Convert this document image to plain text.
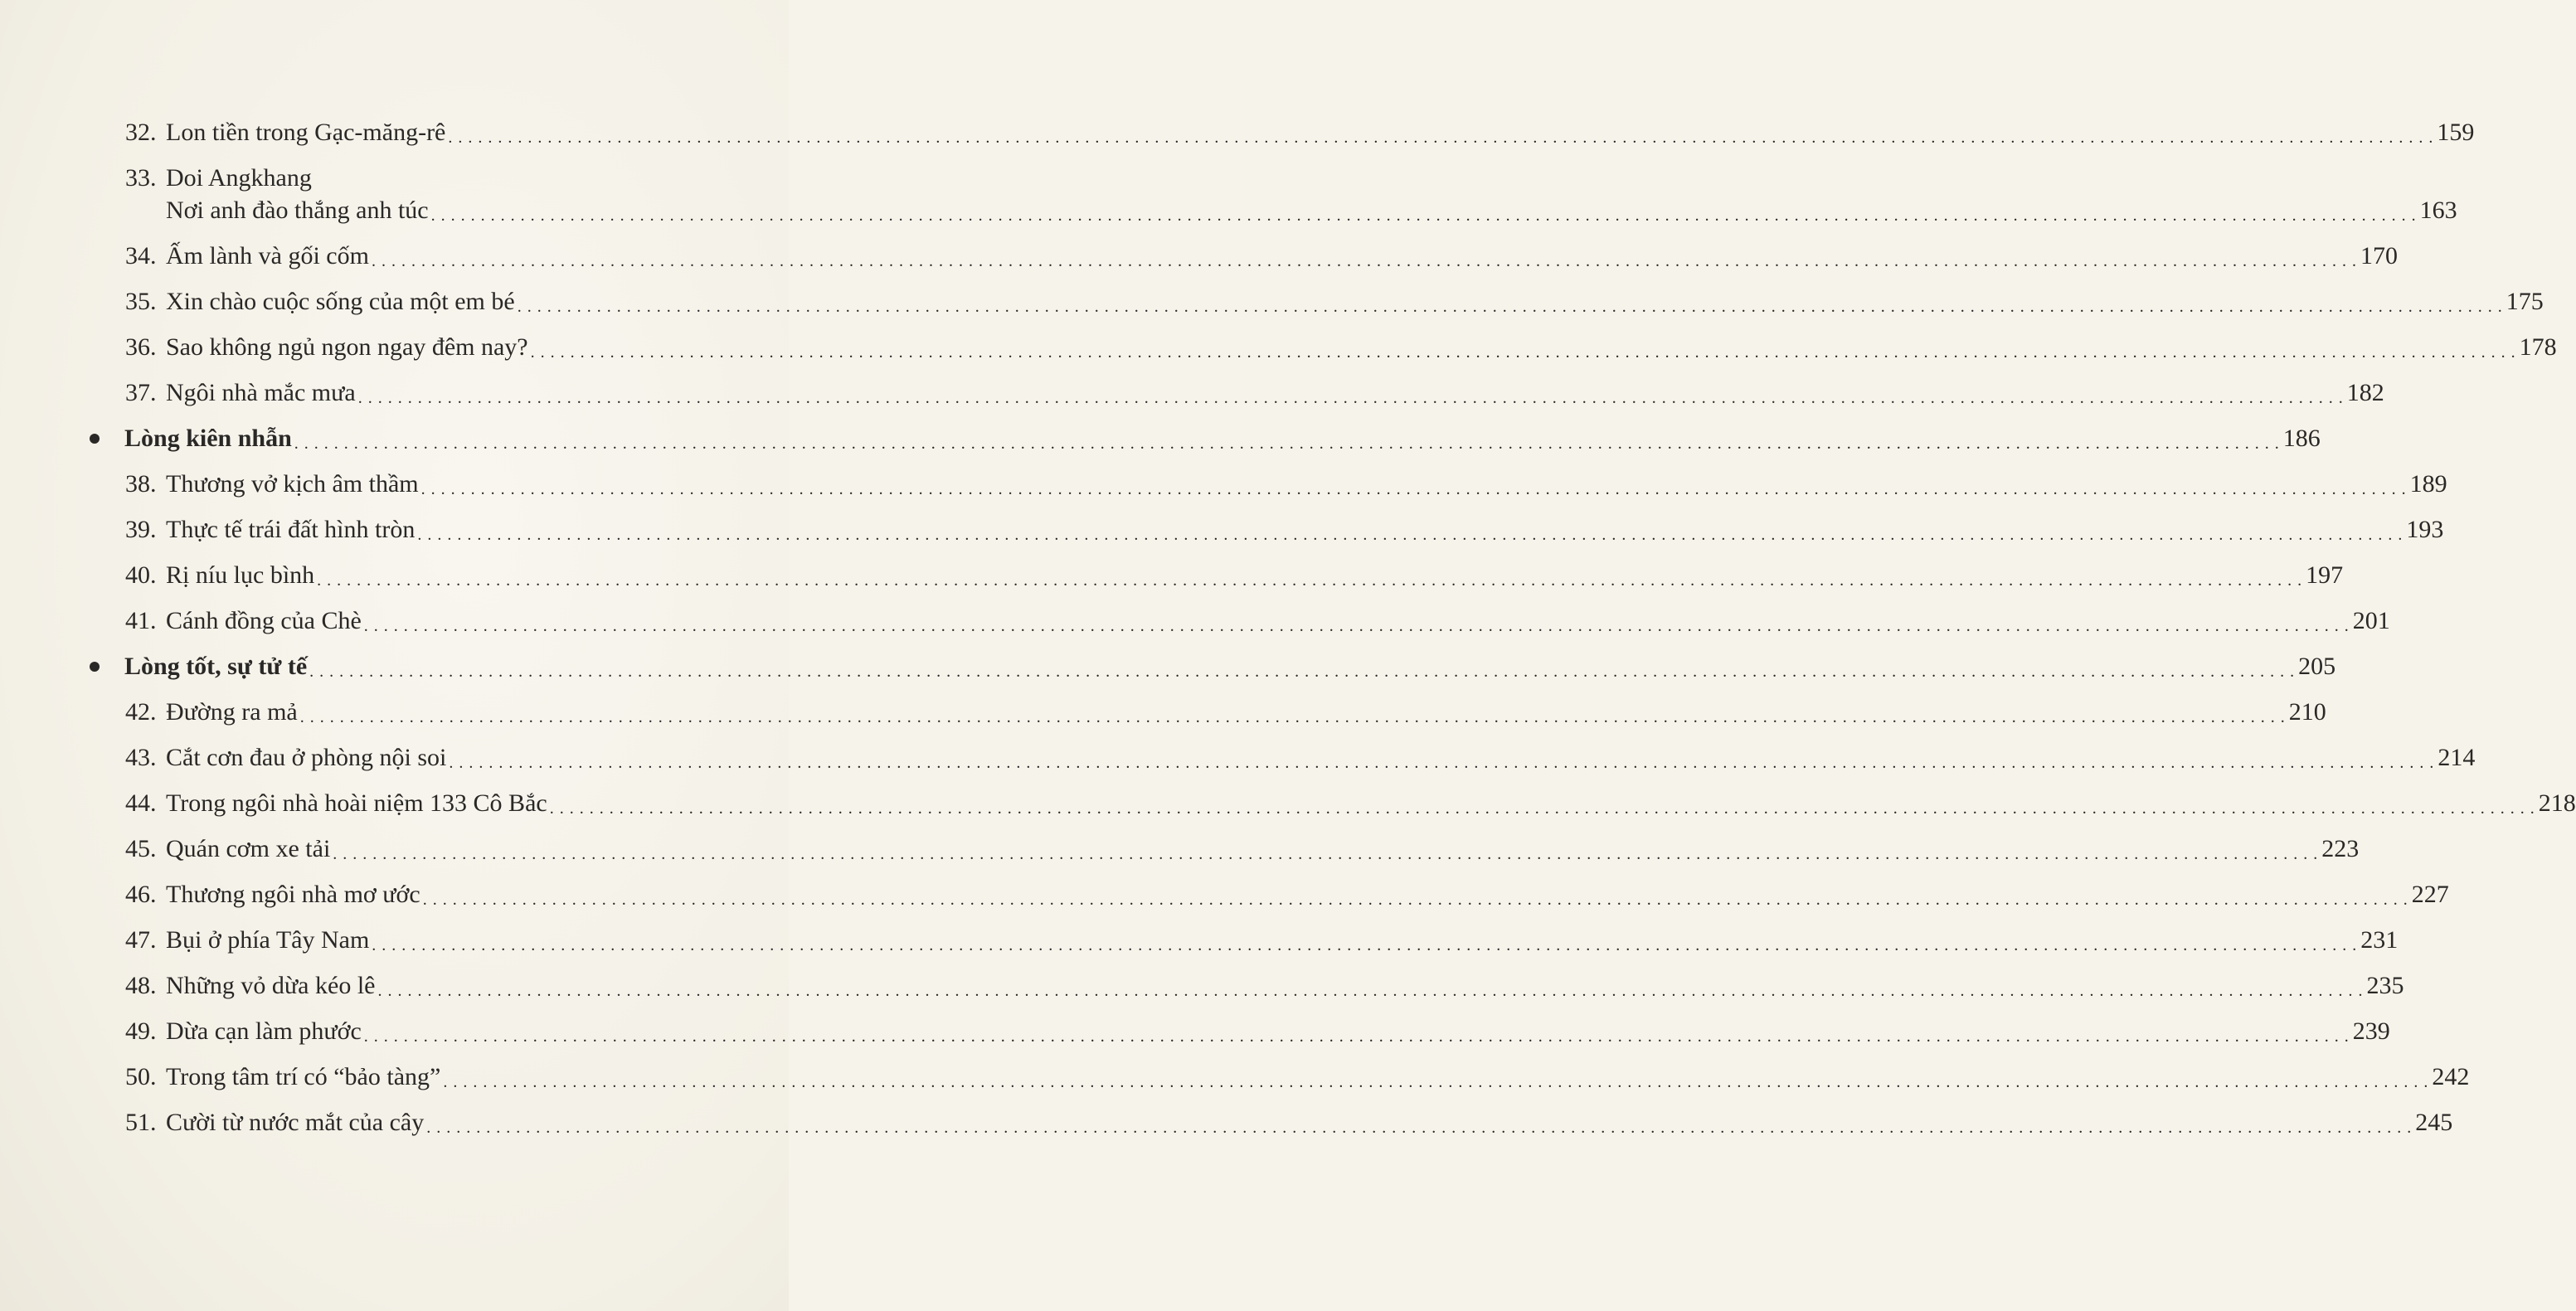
32. Lon tiền trong Gạc-măng-rê . . . . . . . . . . . . . . . . . . . . . . . . . . . . . . . . . . . . . . . . . . . . . . . . . . . . . . . . . . . . . . . . . . . . . . . . . . . . . . . . . . . . . . . . . . . . . . . . . . . . . . . . . . . . . . . . . . . . . . . . . . . . . . . . . . . . . . . . . . . . . . . . . . . . . . . . . . . . . . . . . . . . . . . . . . . . . . . . . . . . . . . . . . . . . . . . . . . . . . . . 159
33. Doi Angkhang
Nơi anh đào thắng anh túc . . . . . . . . . . . . . . . . . . . . . . . . . . . . . . . . . . . . . . . . . . . . . . . . . . . . . . . . . . . . . . . . . . . . . . . . . . . . . . . . . . . . . . . . . . . . . . . . . . . . . . . . . . . . . . . . . . . . . . . . . . . . . . . . . . . . . . . . . . . . . . . . . . . . . . . . . . . . . . . . . . . . . . . . . . . . . . . . . . . . . . . . . . . . . . . . . . . . . . . . 163
34. Ấm lành và gối cốm . . . . . . . . . . . . . . . . . . . . . . . . . . . . . . . . . . . . . . . . . . . . . . . . . . . . . . . . . . . . . . . . . . . . . . . . . . . . . . . . . . . . . . . . . . . . . . . . . . . . . . . . . . . . . . . . . . . . . . . . . . . . . . . . . . . . . . . . . . . . . . . . . . . . . . . . . . . . . . . . . . . . . . . . . . . . . . . . . . . . . . . . . . . . . . . . . . . . . . . . 170
35. Xin chào cuộc sống của một em bé . . . . . . . . . . . . . . . . . . . . . . . . . . . . . . . . . . . . . . . . . . . . . . . . . . . . . . . . . . . . . . . . . . . . . . . . . . . . . . . . . . . . . . . . . . . . . . . . . . . . . . . . . . . . . . . . . . . . . . . . . . . . . . . . . . . . . . . . . . . . . . . . . . . . . . . . . . . . . . . . . . . . . . . . . . . . . . . . . . . . . . . . . . . . . . . . . . . . . . . . 175
36. Sao không ngủ ngon ngay đêm nay? . . . . . . . . . . . . . . . . . . . . . . . . . . . . . . . . . . . . . . . . . . . . . . . . . . . . . . . . . . . . . . . . . . . . . . . . . . . . . . . . . . . . . . . . . . . . . . . . . . . . . . . . . . . . . . . . . . . . . . . . . . . . . . . . . . . . . . . . . . . . . . . . . . . . . . . . . . . . . . . . . . . . . . . . . . . . . . . . . . . . . . . . . . . . . . . . . . . . . . . . 178
37. Ngôi nhà mắc mưa . . . . . . . . . . . . . . . . . . . . . . . . . . . . . . . . . . . . . . . . . . . . . . . . . . . . . . . . . . . . . . . . . . . . . . . . . . . . . . . . . . . . . . . . . . . . . . . . . . . . . . . . . . . . . . . . . . . . . . . . . . . . . . . . . . . . . . . . . . . . . . . . . . . . . . . . . . . . . . . . . . . . . . . . . . . . . . . . . . . . . . . . . . . . . . . . . . . . . . . . 182
Lòng kiên nhẫn . . . . . . . . . . . . . . . . . . . . . . . . . . . . . . . . . . . . . . . . . . . . . . . . . . . . . . . . . . . . . . . . . . . . . . . . . . . . . . . . . . . . . . . . . . . . . . . . . . . . . . . . . . . . . . . . . . . . . . . . . . . . . . . . . . . . . . . . . . . . . . . . . . . . . . . . . . . . . . . . . . . . . . . . . . . . . . . . . . . . . . . . . . . . . . . . . . . . . . . . 186
38. Thương vở kịch âm thầm . . . . . . . . . . . . . . . . . . . . . . . . . . . . . . . . . . . . . . . . . . . . . . . . . . . . . . . . . . . . . . . . . . . . . . . . . . . . . . . . . . . . . . . . . . . . . . . . . . . . . . . . . . . . . . . . . . . . . . . . . . . . . . . . . . . . . . . . . . . . . . . . . . . . . . . . . . . . . . . . . . . . . . . . . . . . . . . . . . . . . . . . . . . . . . . . . . . . . . . . 189
39. Thực tế trái đất hình tròn . . . . . . . . . . . . . . . . . . . . . . . . . . . . . . . . . . . . . . . . . . . . . . . . . . . . . . . . . . . . . . . . . . . . . . . . . . . . . . . . . . . . . . . . . . . . . . . . . . . . . . . . . . . . . . . . . . . . . . . . . . . . . . . . . . . . . . . . . . . . . . . . . . . . . . . . . . . . . . . . . . . . . . . . . . . . . . . . . . . . . . . . . . . . . . . . . . . . . . . . 193
40. Rị níu lục bình . . . . . . . . . . . . . . . . . . . . . . . . . . . . . . . . . . . . . . . . . . . . . . . . . . . . . . . . . . . . . . . . . . . . . . . . . . . . . . . . . . . . . . . . . . . . . . . . . . . . . . . . . . . . . . . . . . . . . . . . . . . . . . . . . . . . . . . . . . . . . . . . . . . . . . . . . . . . . . . . . . . . . . . . . . . . . . . . . . . . . . . . . . . . . . . . . . . . . . . . 197
41. Cánh đồng của Chè . . . . . . . . . . . . . . . . . . . . . . . . . . . . . . . . . . . . . . . . . . . . . . . . . . . . . . . . . . . . . . . . . . . . . . . . . . . . . . . . . . . . . . . . . . . . . . . . . . . . . . . . . . . . . . . . . . . . . . . . . . . . . . . . . . . . . . . . . . . . . . . . . . . . . . . . . . . . . . . . . . . . . . . . . . . . . . . . . . . . . . . . . . . . . . . . . . . . . . . . 201
Lòng tốt, sự tử tế . . . . . . . . . . . . . . . . . . . . . . . . . . . . . . . . . . . . . . . . . . . . . . . . . . . . . . . . . . . . . . . . . . . . . . . . . . . . . . . . . . . . . . . . . . . . . . . . . . . . . . . . . . . . . . . . . . . . . . . . . . . . . . . . . . . . . . . . . . . . . . . . . . . . . . . . . . . . . . . . . . . . . . . . . . . . . . . . . . . . . . . . . . . . . . . . . . . . . . . . 205
42. Đường ra mả . . . . . . . . . . . . . . . . . . . . . . . . . . . . . . . . . . . . . . . . . . . . . . . . . . . . . . . . . . . . . . . . . . . . . . . . . . . . . . . . . . . . . . . . . . . . . . . . . . . . . . . . . . . . . . . . . . . . . . . . . . . . . . . . . . . . . . . . . . . . . . . . . . . . . . . . . . . . . . . . . . . . . . . . . . . . . . . . . . . . . . . . . . . . . . . . . . . . . . . . 210
43. Cắt cơn đau ở phòng nội soi . . . . . . . . . . . . . . . . . . . . . . . . . . . . . . . . . . . . . . . . . . . . . . . . . . . . . . . . . . . . . . . . . . . . . . . . . . . . . . . . . . . . . . . . . . . . . . . . . . . . . . . . . . . . . . . . . . . . . . . . . . . . . . . . . . . . . . . . . . . . . . . . . . . . . . . . . . . . . . . . . . . . . . . . . . . . . . . . . . . . . . . . . . . . . . . . . . . . . . . . 214
44. Trong ngôi nhà hoài niệm 133 Cô Bắc . . . . . . . . . . . . . . . . . . . . . . . . . . . . . . . . . . . . . . . . . . . . . . . . . . . . . . . . . . . . . . . . . . . . . . . . . . . . . . . . . . . . . . . . . . . . . . . . . . . . . . . . . . . . . . . . . . . . . . . . . . . . . . . . . . . . . . . . . . . . . . . . . . . . . . . . . . . . . . . . . . . . . . . . . . . . . . . . . . . . . . . . . . . . . . . . . . . . . . . . 218
45. Quán cơm xe tải . . . . . . . . . . . . . . . . . . . . . . . . . . . . . . . . . . . . . . . . . . . . . . . . . . . . . . . . . . . . . . . . . . . . . . . . . . . . . . . . . . . . . . . . . . . . . . . . . . . . . . . . . . . . . . . . . . . . . . . . . . . . . . . . . . . . . . . . . . . . . . . . . . . . . . . . . . . . . . . . . . . . . . . . . . . . . . . . . . . . . . . . . . . . . . . . . . . . . . . . 223
46. Thương ngôi nhà mơ ước . . . . . . . . . . . . . . . . . . . . . . . . . . . . . . . . . . . . . . . . . . . . . . . . . . . . . . . . . . . . . . . . . . . . . . . . . . . . . . . . . . . . . . . . . . . . . . . . . . . . . . . . . . . . . . . . . . . . . . . . . . . . . . . . . . . . . . . . . . . . . . . . . . . . . . . . . . . . . . . . . . . . . . . . . . . . . . . . . . . . . . . . . . . . . . . . . . . . . . . . 227
47. Bụi ở phía Tây Nam . . . . . . . . . . . . . . . . . . . . . . . . . . . . . . . . . . . . . . . . . . . . . . . . . . . . . . . . . . . . . . . . . . . . . . . . . . . . . . . . . . . . . . . . . . . . . . . . . . . . . . . . . . . . . . . . . . . . . . . . . . . . . . . . . . . . . . . . . . . . . . . . . . . . . . . . . . . . . . . . . . . . . . . . . . . . . . . . . . . . . . . . . . . . . . . . . . . . . . . . 231
48. Những vỏ dừa kéo lê . . . . . . . . . . . . . . . . . . . . . . . . . . . . . . . . . . . . . . . . . . . . . . . . . . . . . . . . . . . . . . . . . . . . . . . . . . . . . . . . . . . . . . . . . . . . . . . . . . . . . . . . . . . . . . . . . . . . . . . . . . . . . . . . . . . . . . . . . . . . . . . . . . . . . . . . . . . . . . . . . . . . . . . . . . . . . . . . . . . . . . . . . . . . . . . . . . . . . . . . 235
49. Dừa cạn làm phước . . . . . . . . . . . . . . . . . . . . . . . . . . . . . . . . . . . . . . . . . . . . . . . . . . . . . . . . . . . . . . . . . . . . . . . . . . . . . . . . . . . . . . . . . . . . . . . . . . . . . . . . . . . . . . . . . . . . . . . . . . . . . . . . . . . . . . . . . . . . . . . . . . . . . . . . . . . . . . . . . . . . . . . . . . . . . . . . . . . . . . . . . . . . . . . . . . . . . . . . 239
50. Trong tâm trí có “bảo tàng” . . . . . . . . . . . . . . . . . . . . . . . . . . . . . . . . . . . . . . . . . . . . . . . . . . . . . . . . . . . . . . . . . . . . . . . . . . . . . . . . . . . . . . . . . . . . . . . . . . . . . . . . . . . . . . . . . . . . . . . . . . . . . . . . . . . . . . . . . . . . . . . . . . . . . . . . . . . . . . . . . . . . . . . . . . . . . . . . . . . . . . . . . . . . . . . . . . . . . . . . 242
51. Cười từ nước mắt của cây . . . . . . . . . . . . . . . . . . . . . . . . . . . . . . . . . . . . . . . . . . . . . . . . . . . . . . . . . . . . . . . . . . . . . . . . . . . . . . . . . . . . . . . . . . . . . . . . . . . . . . . . . . . . . . . . . . . . . . . . . . . . . . . . . . . . . . . . . . . . . . . . . . . . . . . . . . . . . . . . . . . . . . . . . . . . . . . . . . . . . . . . . . . . . . . . . . . . . . . . 245
